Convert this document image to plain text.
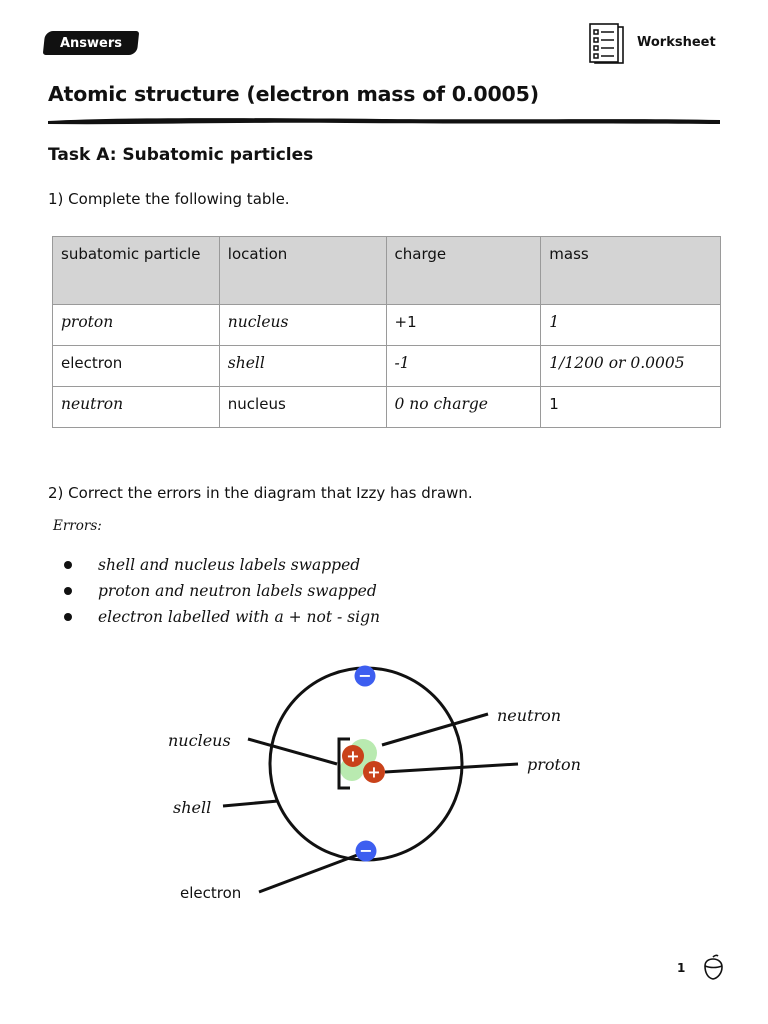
Answers	Worksheet
Atomic structure (electron mass of 0.0005)
Task A: Subatomic particles

1) Complete the following table.

subatomic particle	location	charge	mass
proton	nucleus	+1	1
electron	shell	-1	1/1200 or 0.0005
neutron	nucleus	0 no charge	1

2) Correct the errors in the diagram that Izzy has drawn.

Errors:
shell and nucleus labels swapped
proton and neutron labels swapped
electron labelled with a + not - sign
+
+
−
−
nucleus
shell
electron
neutron
proton
1
